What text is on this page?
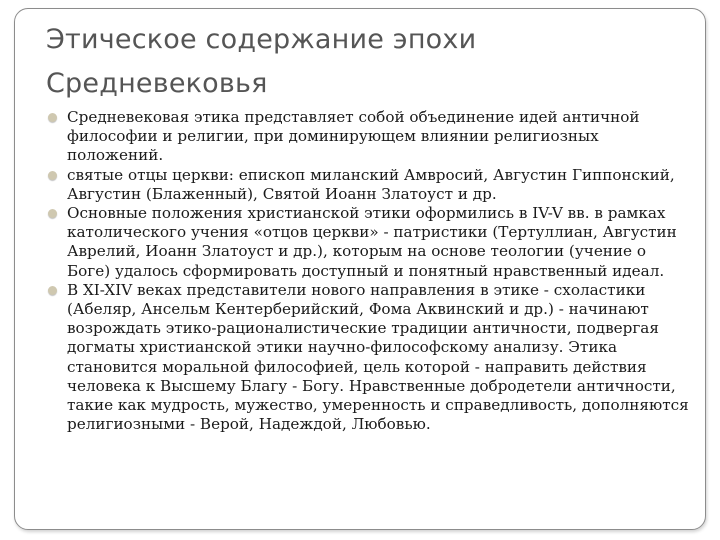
Этическое содержание эпохи Средневековья
Средневековая этика представляет собой объединение идей античной философии и религии, при доминирующем влиянии религиозных положений.
святые отцы церкви: епископ миланский Амвросий, Августин Гиппонский, Августин (Блаженный), Святой Иоанн Златоуст и др.
Основные положения христианской этики оформились в IV-V вв. в рамках католического учения «отцов церкви» - патристики (Тертуллиан, Августин Аврелий, Иоанн Златоуст и др.), которым на основе теологии (учение о Боге) удалось сформировать доступный и понятный нравственный идеал.
В XI-XIV веках представители нового направления в этике - схоластики (Абеляр, Ансельм Кентерберийский, Фома Аквинский и др.) - начинают возрождать этико-рационалистические традиции античности, подвергая догматы христианской этики научно-философскому анализу. Этика становится моральной философией, цель которой - направить действия человека к Высшему Благу - Богу. Нравственные добродетели античности, такие как мудрость, мужество, умеренность и справедливость, дополняются религиозными - Верой, Надеждой, Любовью.
